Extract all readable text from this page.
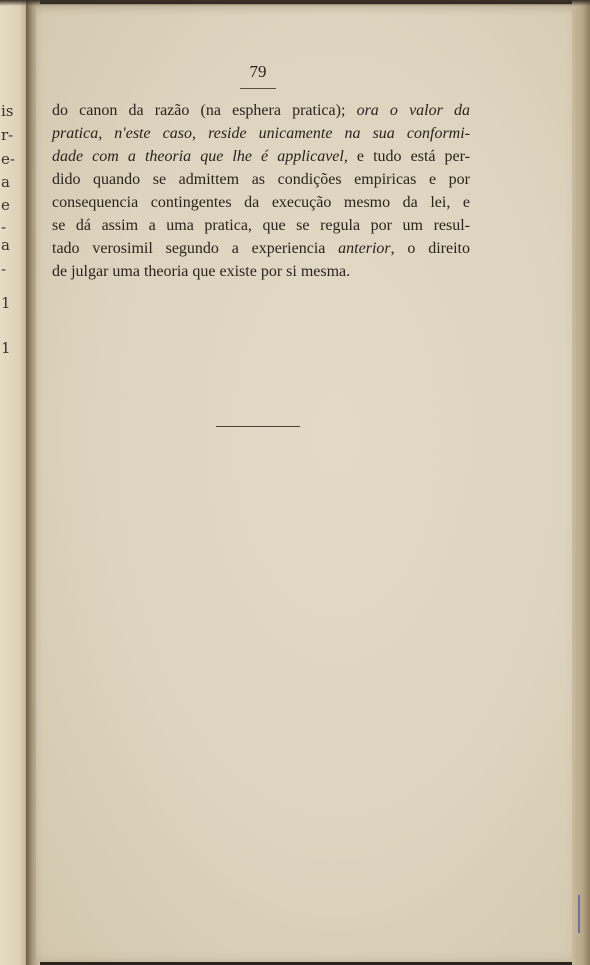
is
r-
e-
a
e
-
a
-
1
1
79
do canon da razão (na esphera pratica); ora o valor da
pratica, n'este caso, reside unicamente na sua conformi-
dade com a theoria que lhe é applicavel, e tudo está per-
dido quando se admittem as condições empiricas e por
consequencia contingentes da execução mesmo da lei, e
se dá assim a uma pratica, que se regula por um resul-
tado verosimil segundo a experiencia anterior, o direito
de julgar uma theoria que existe por si mesma.
